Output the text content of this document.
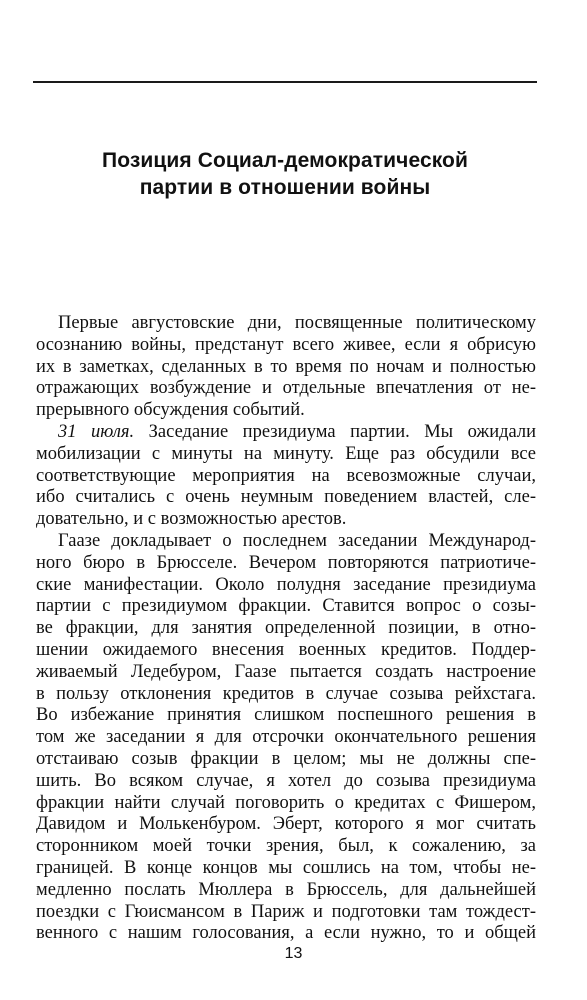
Позиция Социал-демократической
партии в отношении войны
Первые августовские дни, посвященные политическому
осознанию войны, предстанут всего живее, если я обрисую
их в заметках, сделанных в то время по ночам и полностью
отражающих возбуждение и отдельные впечатления от не-
прерывного обсуждения событий.
31 июля. Заседание президиума партии. Мы ожидали
мобилизации с минуты на минуту. Еще раз обсудили все
соответствующие мероприятия на всевозможные случаи,
ибо считались с очень неумным поведением властей, сле-
довательно, и с возможностью арестов.
Гаазе докладывает о последнем заседании Международ-
ного бюро в Брюсселе. Вечером повторяются патриотиче-
ские манифестации. Около полудня заседание президиума
партии с президиумом фракции. Ставится вопрос о созы-
ве фракции, для занятия определенной позиции, в отно-
шении ожидаемого внесения военных кредитов. Поддер-
живаемый Ледебуром, Гаазе пытается создать настроение
в пользу отклонения кредитов в случае созыва рейхстага.
Во избежание принятия слишком поспешного решения в
том же заседании я для отсрочки окончательного решения
отстаиваю созыв фракции в целом; мы не должны спе-
шить. Во всяком случае, я хотел до созыва президиума
фракции найти случай поговорить о кредитах с Фишером,
Давидом и Молькенбуром. Эберт, которого я мог считать
сторонником моей точки зрения, был, к сожалению, за
границей. В конце концов мы сошлись на том, чтобы не-
медленно послать Мюллера в Брюссель, для дальнейшей
поездки с Гюисмансом в Париж и подготовки там тождест-
венного с нашим голосования, а если нужно, то и общей
13
